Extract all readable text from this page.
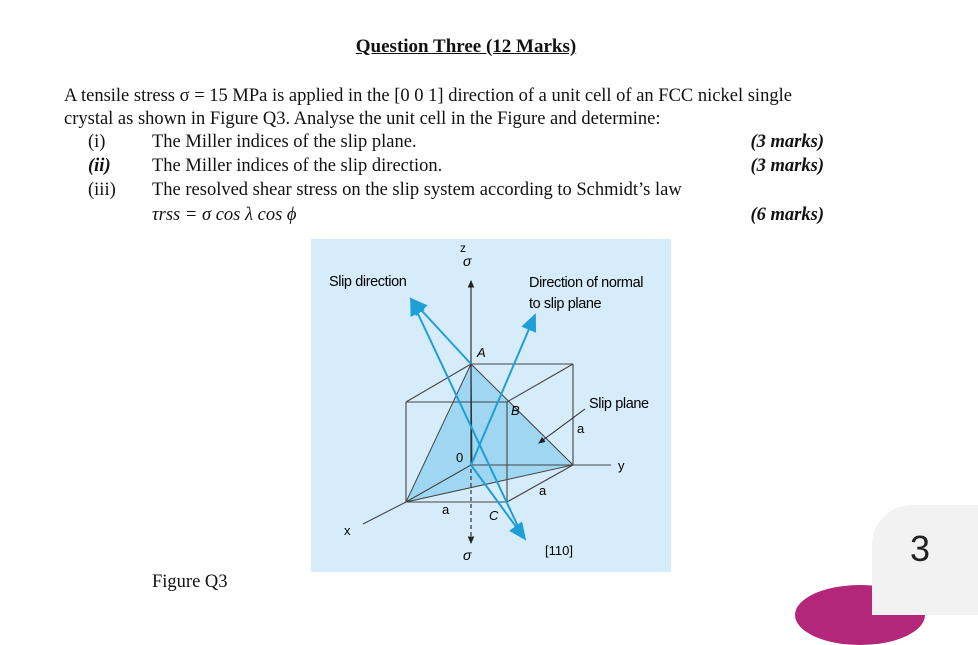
Question Three (12 Marks)
A tensile stress σ = 15 MPa is applied in the [0 0 1] direction of a unit cell of an FCC nickel single
crystal as shown in Figure Q3. Analyse the unit cell in the Figure and determine:
(i)	The Miller indices of the slip plane.	(3 marks)
(ii) The Miller indices of the slip direction.	(3 marks)
(iii) The resolved shear stress on the slip system according to Schmidt’s law
τrss = σ cos λ cos ϕ	(6 marks)
z
σ
σ
Slip direction	Direction of normal
to slip plane
Slip plane
A
B
C
0
a
a
a
x
y
[110]
Figure Q3
3
